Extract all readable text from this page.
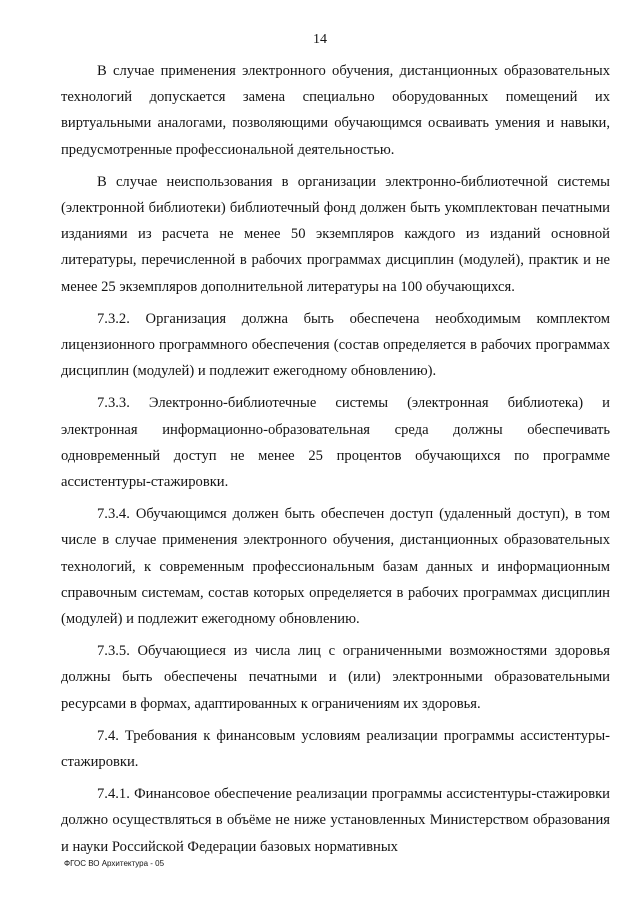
14

В случае применения электронного обучения, дистанционных образовательных технологий допускается замена специально оборудованных помещений их виртуальными аналогами, позволяющими обучающимся осваивать умения и навыки, предусмотренные профессиональной деятельностью.

В случае неиспользования в организации электронно-библиотечной системы (электронной библиотеки) библиотечный фонд должен быть укомплектован печатными изданиями из расчета не менее 50 экземпляров каждого из изданий основной литературы, перечисленной в рабочих программах дисциплин (модулей), практик и не менее 25 экземпляров дополнительной литературы на 100 обучающихся.

7.3.2. Организация должна быть обеспечена необходимым комплектом лицензионного программного обеспечения (состав определяется в рабочих программах дисциплин (модулей) и подлежит ежегодному обновлению).

7.3.3. Электронно-библиотечные системы (электронная библиотека) и электронная информационно-образовательная среда должны обеспечивать одновременный доступ не менее 25 процентов обучающихся по программе ассистентуры-стажировки.

7.3.4. Обучающимся должен быть обеспечен доступ (удаленный доступ), в том числе в случае применения электронного обучения, дистанционных образовательных технологий, к современным профессиональным базам данных и информационным справочным системам, состав которых определяется в рабочих программах дисциплин (модулей) и подлежит ежегодному обновлению.

7.3.5. Обучающиеся из числа лиц с ограниченными возможностями здоровья должны быть обеспечены печатными и (или) электронными образовательными ресурсами в формах, адаптированных к ограничениям их здоровья.

7.4. Требования к финансовым условиям реализации программы ассистентуры-стажировки.

7.4.1. Финансовое обеспечение реализации программы ассистентуры-стажировки должно осуществляться в объёме не ниже установленных Министерством образования и науки Российской Федерации базовых нормативных

ФГОС ВО Архитектура - 05
